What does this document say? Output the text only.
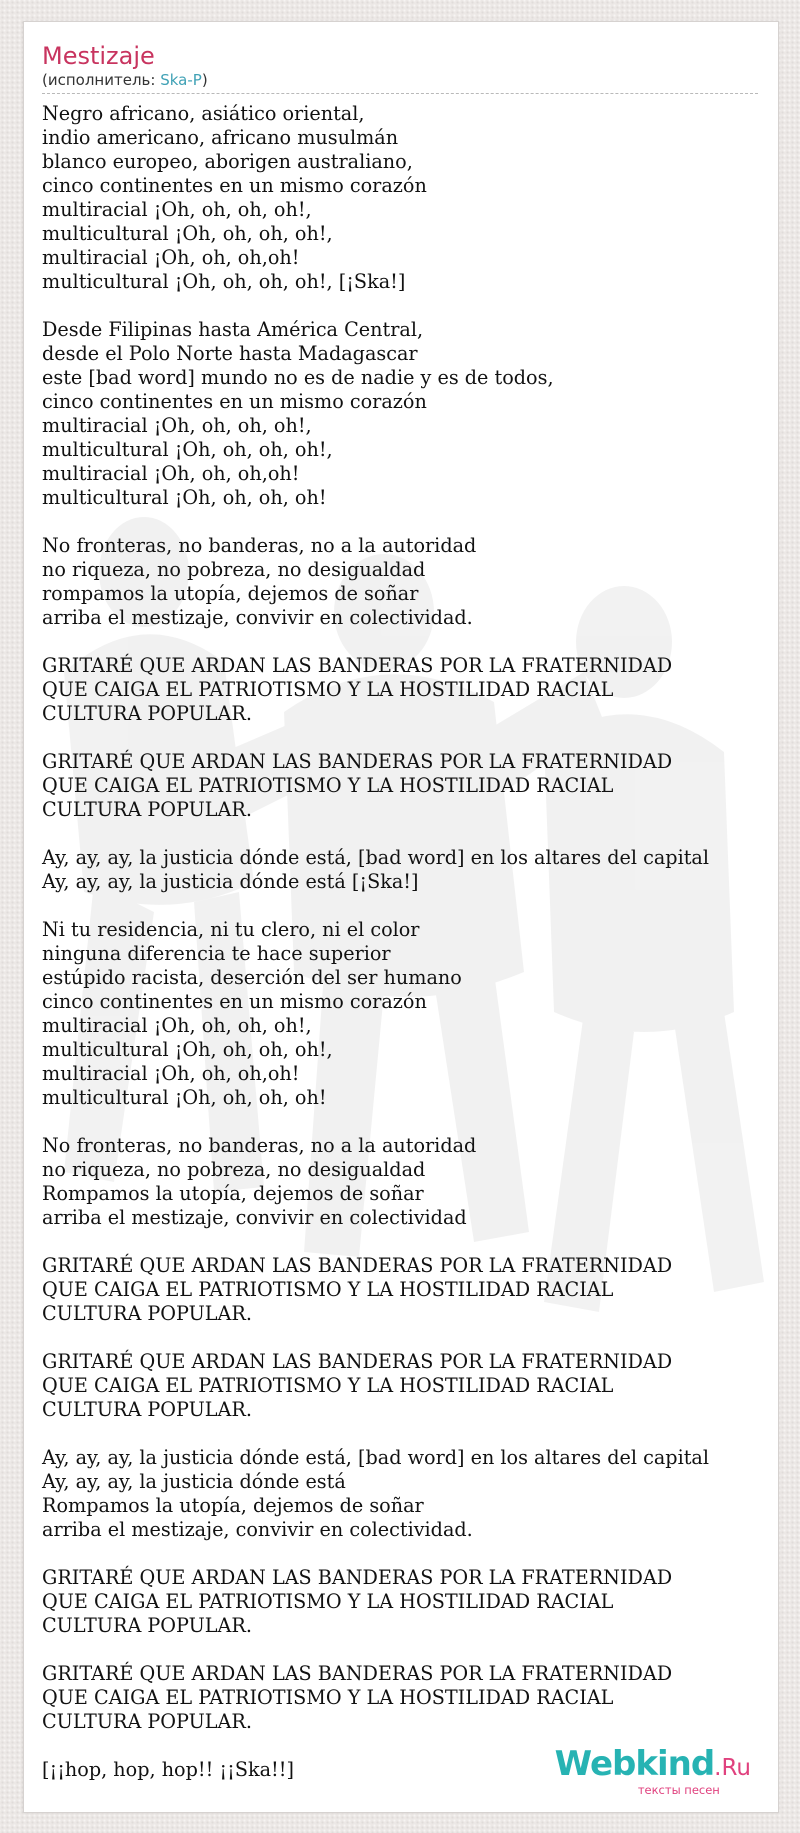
Mestizaje
(исполнитель: Ska-P)
Negro africano, asiático oriental,
indio americano, africano musulmán
blanco europeo, aborigen australiano,
cinco continentes en un mismo corazón
multiracial ¡Oh, oh, oh, oh!,
multicultural ¡Oh, oh, oh, oh!,
multiracial ¡Oh, oh, oh,oh!
multicultural ¡Oh, oh, oh, oh!, [¡Ska!]
Desde Filipinas hasta América Central,
desde el Polo Norte hasta Madagascar
este [bad word] mundo no es de nadie y es de todos,
cinco continentes en un mismo corazón
multiracial ¡Oh, oh, oh, oh!,
multicultural ¡Oh, oh, oh, oh!,
multiracial ¡Oh, oh, oh,oh!
multicultural ¡Oh, oh, oh, oh!
No fronteras, no banderas, no a la autoridad
no riqueza, no pobreza, no desigualdad
rompamos la utopía, dejemos de soñar
arriba el mestizaje, convivir en colectividad.
GRITARÉ QUE ARDAN LAS BANDERAS POR LA FRATERNIDAD
QUE CAIGA EL PATRIOTISMO Y LA HOSTILIDAD RACIAL
CULTURA POPULAR.
GRITARÉ QUE ARDAN LAS BANDERAS POR LA FRATERNIDAD
QUE CAIGA EL PATRIOTISMO Y LA HOSTILIDAD RACIAL
CULTURA POPULAR.
Ay, ay, ay, la justicia dónde está, [bad word] en los altares del capital
Ay, ay, ay, la justicia dónde está [¡Ska!]
Ni tu residencia, ni tu clero, ni el color
ninguna diferencia te hace superior
estúpido racista, deserción del ser humano
cinco continentes en un mismo corazón
multiracial ¡Oh, oh, oh, oh!,
multicultural ¡Oh, oh, oh, oh!,
multiracial ¡Oh, oh, oh,oh!
multicultural ¡Oh, oh, oh, oh!
No fronteras, no banderas, no a la autoridad
no riqueza, no pobreza, no desigualdad
Rompamos la utopía, dejemos de soñar
arriba el mestizaje, convivir en colectividad
GRITARÉ QUE ARDAN LAS BANDERAS POR LA FRATERNIDAD
QUE CAIGA EL PATRIOTISMO Y LA HOSTILIDAD RACIAL
CULTURA POPULAR.
GRITARÉ QUE ARDAN LAS BANDERAS POR LA FRATERNIDAD
QUE CAIGA EL PATRIOTISMO Y LA HOSTILIDAD RACIAL
CULTURA POPULAR.
Ay, ay, ay, la justicia dónde está, [bad word] en los altares del capital
Ay, ay, ay, la justicia dónde está
Rompamos la utopía, dejemos de soñar
arriba el mestizaje, convivir en colectividad.
GRITARÉ QUE ARDAN LAS BANDERAS POR LA FRATERNIDAD
QUE CAIGA EL PATRIOTISMO Y LA HOSTILIDAD RACIAL
CULTURA POPULAR.
GRITARÉ QUE ARDAN LAS BANDERAS POR LA FRATERNIDAD
QUE CAIGA EL PATRIOTISMO Y LA HOSTILIDAD RACIAL
CULTURA POPULAR.
[¡¡hop, hop, hop!! ¡¡Ska!!]	Webkind.Ru
тексты песен
